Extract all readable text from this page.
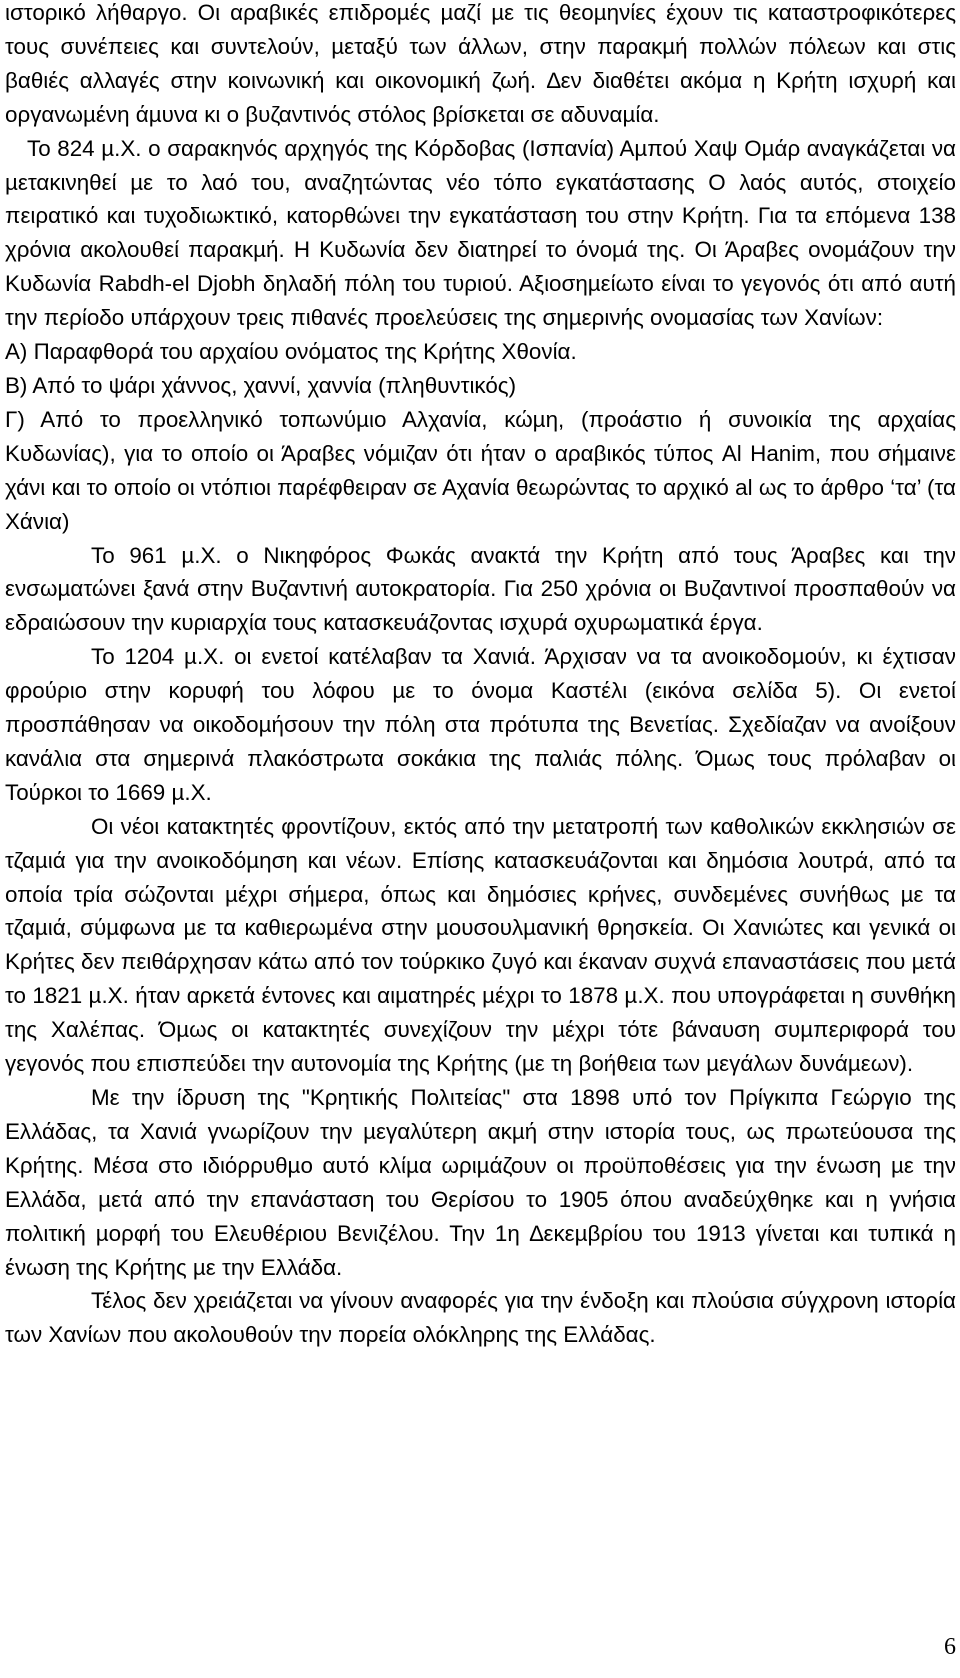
ιστορικό λήθαργο. Οι αραβικές επιδροµές µαζί µε τις θεοµηνίες έχουν τις καταστροφικότερες τους συνέπειες και συντελούν, µεταξύ των άλλων, στην παρακµή πολλών πόλεων και στις βαθιές αλλαγές στην κοινωνική και οικονοµική ζωή. ∆εν διαθέτει ακόµα η Κρήτη ισχυρή και οργανωµένη άµυνα κι ο βυζαντινός στόλος βρίσκεται σε αδυναµία.

Το 824 µ.Χ. ο σαρακηνός αρχηγός της Κόρδοβας (Ισπανία) Αµπού Χαψ Οµάρ αναγκάζεται να µετακινηθεί µε το λαό του, αναζητώντας νέο τόπο εγκατάστασης Ο λαός αυτός, στοιχείο πειρατικό και τυχοδιωκτικό, κατορθώνει την εγκατάσταση του στην Κρήτη. Για τα επόµενα 138 χρόνια ακολουθεί παρακµή. Η Κυδωνία δεν διατηρεί το όνοµά της. Οι Άραβες ονοµάζουν την Κυδωνία Rabdh-el Djobh δηλαδή πόλη του τυριού. Αξιοσηµείωτο είναι το γεγονός ότι από αυτή την περίοδο υπάρχουν τρεις πιθανές προελεύσεις της σηµερινής ονοµασίας των Χανίων:

Α) Παραφθορά του αρχαίου ονόµατος της Κρήτης Χθονία.

Β) Από το ψάρι χάννος, χαννί, χαννία (πληθυντικός)

Γ) Από το προελληνικό τοπωνύµιο Αλχανία, κώµη, (προάστιο ή συνοικία της αρχαίας Κυδωνίας), για το οποίο οι Άραβες νόµιζαν ότι ήταν ο αραβικός τύπος Al Hanim, που σήµαινε χάνι και το οποίο οι ντόπιοι παρέφθειραν σε Αχανία θεωρώντας το αρχικό al ως το άρθρο ‘τα’ (τα Χάνια)

Το 961 µ.Χ. ο Νικηφόρος Φωκάς ανακτά την Κρήτη από τους Άραβες και την ενσωµατώνει ξανά στην Βυζαντινή αυτοκρατορία. Για 250 χρόνια οι Βυζαντινοί προσπαθούν να εδραιώσουν την κυριαρχία τους κατασκευάζοντας ισχυρά οχυρωµατικά έργα.

Το 1204 µ.Χ. οι ενετοί κατέλαβαν τα Χανιά. Άρχισαν να τα ανοικοδοµούν, κι έχτισαν φρούριο στην κορυφή του λόφου µε το όνοµα Καστέλι (εικόνα σελίδα 5). Οι ενετοί προσπάθησαν να οικοδοµήσουν την πόλη στα πρότυπα της Βενετίας. Σχεδίαζαν να ανοίξουν κανάλια στα σηµερινά πλακόστρωτα σοκάκια της παλιάς πόλης. Όµως τους πρόλαβαν οι Τούρκοι το 1669 µ.Χ.

Οι νέοι κατακτητές φροντίζουν, εκτός από την µετατροπή των καθολικών εκκλησιών σε τζαµιά για την ανοικοδόµηση και νέων. Επίσης κατασκευάζονται και δηµόσια λουτρά, από τα οποία τρία σώζονται µέχρι σήµερα, όπως και δηµόσιες κρήνες, συνδεµένες συνήθως µε τα τζαµιά, σύµφωνα µε τα καθιερωµένα στην µουσουλµανική θρησκεία. Οι Χανιώτες και γενικά οι Κρήτες δεν πειθάρχησαν κάτω από τον τούρκικο ζυγό και έκαναν συχνά επαναστάσεις που µετά το 1821 µ.Χ. ήταν αρκετά έντονες και αιµατηρές µέχρι το 1878 µ.Χ. που υπογράφεται η συνθήκη της Χαλέπας. Όµως οι κατακτητές συνεχίζουν την µέχρι τότε βάναυση συµπεριφορά του γεγονός που επισπεύδει την αυτονοµία της Κρήτης (µε τη βοήθεια των µεγάλων δυνάµεων).

Με την ίδρυση της "Κρητικής Πολιτείας" στα 1898 υπό τον Πρίγκιπα Γεώργιο της Ελλάδας, τα Χανιά γνωρίζουν την µεγαλύτερη ακµή στην ιστορία τους, ως πρωτεύουσα της Κρήτης. Μέσα στο ιδιόρρυθµο αυτό κλίµα ωριµάζουν οι προϋποθέσεις για την ένωση µε την Ελλάδα, µετά από την επανάσταση του Θερίσου το 1905 όπου αναδεύχθηκε και η γνήσια πολιτική µορφή του Ελευθέριου Βενιζέλου. Την 1η ∆εκεµβρίου του 1913 γίνεται και τυπικά η ένωση της Κρήτης µε την Ελλάδα.

Τέλος δεν χρειάζεται να γίνουν αναφορές για την ένδοξη και πλούσια σύγχρονη ιστορία των Χανίων που ακολουθούν την πορεία ολόκληρης της Ελλάδας.

6
